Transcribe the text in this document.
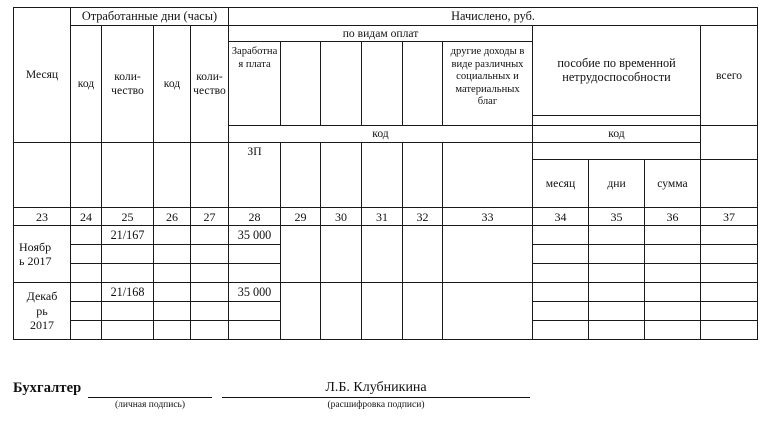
Месяц	Отработанные дни (часы)				Начислено, руб.									
	код	коли-чество	код	коли-чество	по видам оплат						пособие по временной нетрудоспособности			всего
					Заработная плата					другие доходы в виде различных социальных и материальных благ				

					код						код			
					ЗП									
											месяц	дни	сумма	
23	24	25	26	27	28	29	30	31	32	33	34	35	36	37

Ноябр
ь 2017		21/167			35 000									

Декаб
рь
2017		21/168			35 000									

Бухгалтер	Л.Б. Клубникина
(личная подпись)	(расшифровка подписи)
